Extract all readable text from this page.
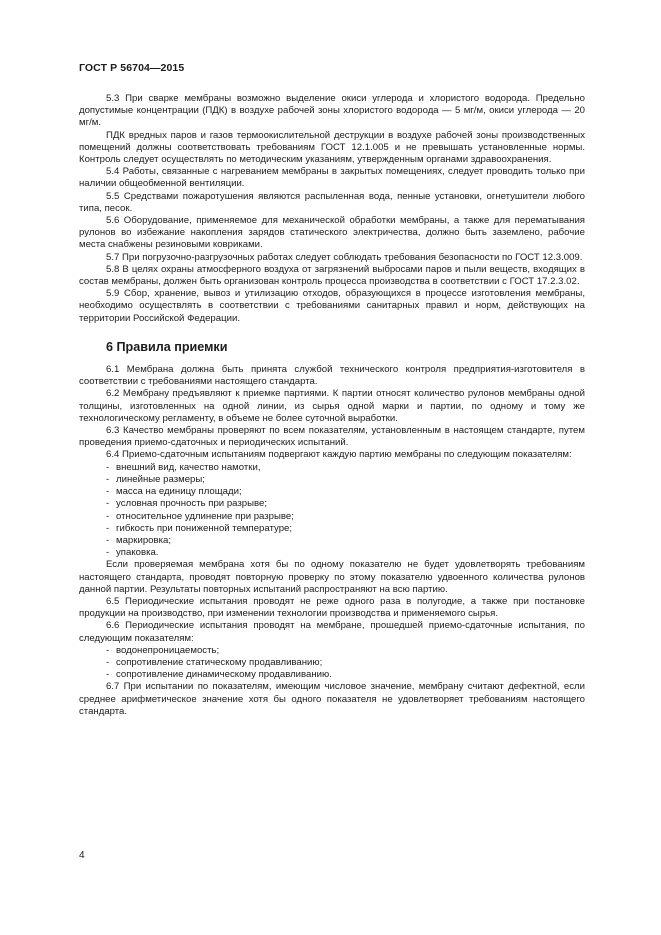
ГОСТ Р 56704—2015

5.3 При сварке мембраны возможно выделение окиси углерода и хлористого водорода. Предельно допустимые концентрации (ПДК) в воздухе рабочей зоны хлористого водорода — 5 мг/м, окиси углерода — 20 мг/м.

ПДК вредных паров и газов термоокислительной деструкции в воздухе рабочей зоны производственных помещений должны соответствовать требованиям ГОСТ 12.1.005 и не превышать установленные нормы. Контроль следует осуществлять по методическим указаниям, утвержденным органами здравоохранения.

5.4 Работы, связанные с нагреванием мембраны в закрытых помещениях, следует проводить только при наличии общеобменной вентиляции.

5.5 Средствами пожаротушения являются распыленная вода, пенные установки, огнетушители любого типа, песок.

5.6 Оборудование, применяемое для механической обработки мембраны, а также для перематывания рулонов во избежание накопления зарядов статического электричества, должно быть заземлено, рабочие места снабжены резиновыми ковриками.

5.7 При погрузочно-разгрузочных работах следует соблюдать требования безопасности по ГОСТ 12.3.009.

5.8 В целях охраны атмосферного воздуха от загрязнений выбросами паров и пыли веществ, входящих в состав мембраны, должен быть организован контроль процесса производства в соответствии с ГОСТ 17.2.3.02.

5.9 Сбор, хранение, вывоз и утилизацию отходов, образующихся в процессе изготовления мембраны, необходимо осуществлять в соответствии с требованиями санитарных правил и норм, действующих на территории Российской Федерации.

6 Правила приемки

6.1 Мембрана должна быть принята службой технического контроля предприятия-изготовителя в соответствии с требованиями настоящего стандарта.

6.2 Мембрану предъявляют к приемке партиями. К партии относят количество рулонов мембраны одной толщины, изготовленных на одной линии, из сырья одной марки и партии, по одному и тому же технологическому регламенту, в объеме не более суточной выработки.

6.3 Качество мембраны проверяют по всем показателям, установленным в настоящем стандарте, путем проведения приемо-сдаточных и периодических испытаний.

6.4 Приемо-сдаточным испытаниям подвергают каждую партию мембраны по следующим показателям:

- внешний вид, качество намотки,
- линейные размеры;
- масса на единицу площади;
- условная прочность при разрыве;
- относительное удлинение при разрыве;
- гибкость при пониженной температуре;
- маркировка;
- упаковка.

Если проверяемая мембрана хотя бы по одному показателю не будет удовлетворять требованиям настоящего стандарта, проводят повторную проверку по этому показателю удвоенного количества рулонов данной партии. Результаты повторных испытаний распространяют на всю партию.

6.5 Периодические испытания проводят не реже одного раза в полугодие, а также при постановке продукции на производство, при изменении технологии производства и применяемого сырья.

6.6 Периодические испытания проводят на мембране, прошедшей приемо-сдаточные испытания, по следующим показателям:

- водонепроницаемость;
- сопротивление статическому продавливанию;
- сопротивление динамическому продавливанию.

6.7 При испытании по показателям, имеющим числовое значение, мембрану считают дефектной, если среднее арифметическое значение хотя бы одного показателя не удовлетворяет требованиям настоящего стандарта.

4
